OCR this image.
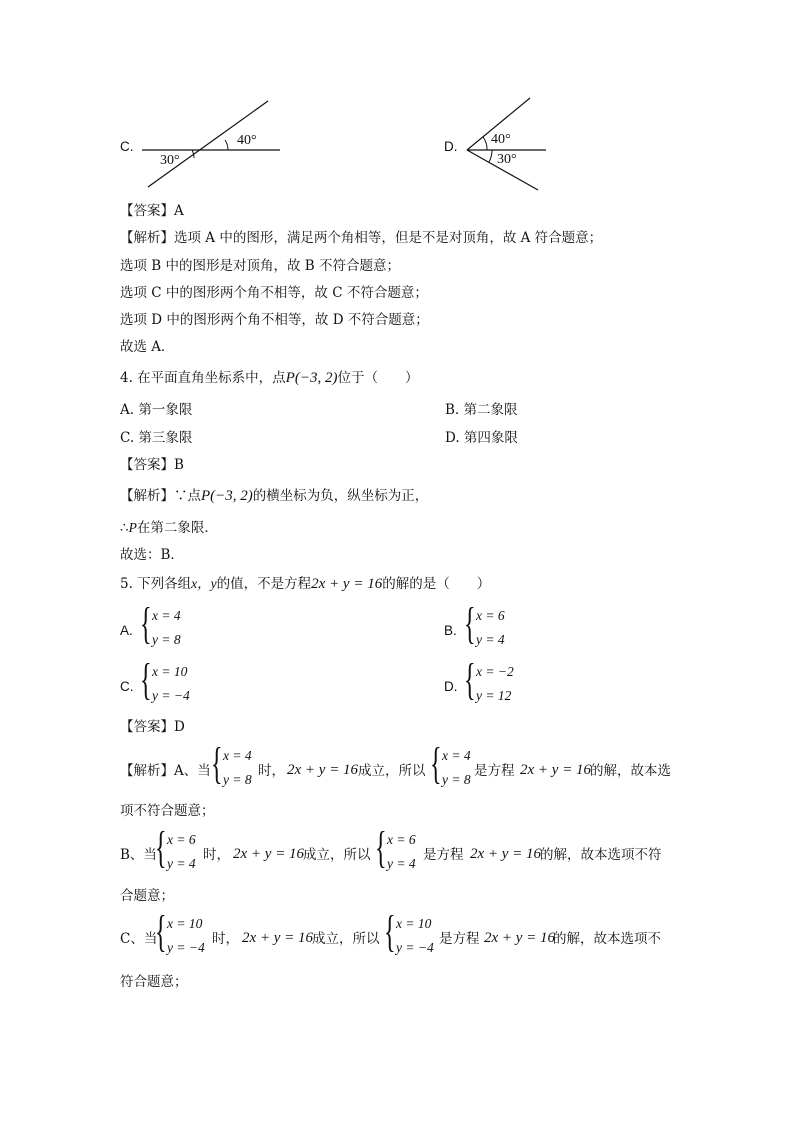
C.	40°
30°
D. 40°
30°
【答案】A
【解析】选项 A 中的图形，满足两个角相等，但是不是对顶角，故 A 符合题意；
选项 B 中的图形是对顶角，故 B 不符合题意；
选项 C 中的图形两个角不相等，故 C 不符合题意；
选项 D 中的图形两个角不相等，故 D 不符合题意；
故选 A．
4. 在平面直角坐标系中，点P(−3, 2)位于（　　）
A. 第一象限	B. 第二象限
C. 第三象限	D. 第四象限
【答案】B
【解析】∵点P(−3, 2)的横坐标为负，纵坐标为正，
∴P在第二象限．
故选：B．
5. 下列各组x，y的值，不是方程2x + y = 16的解的是（　　）
A. { x = 4
y = 8
B. { x = 6
y = 4
C. { x = 10
y = −4
D. { x = −2
y = 12
【答案】D
【解析】A、当 { x = 4
y = 8
时， 2x + y = 16 成立，所以 { x = 4
y = 8
是方程 2x + y = 16
的解，故本选
项不符合题意；
B、当
{ x = 6
y = 4
时， 2x + y = 16
成立，所以 { x = 6
y = 4
是方程 2x + y = 16
的解，故本选项不符
合题意；
C、当
{ x = 10
y = −4
时， 2x + y = 16
成立，所以 { x = 10
y = −4
是方程 2x + y = 16
的解，故本选项不
符合题意；
